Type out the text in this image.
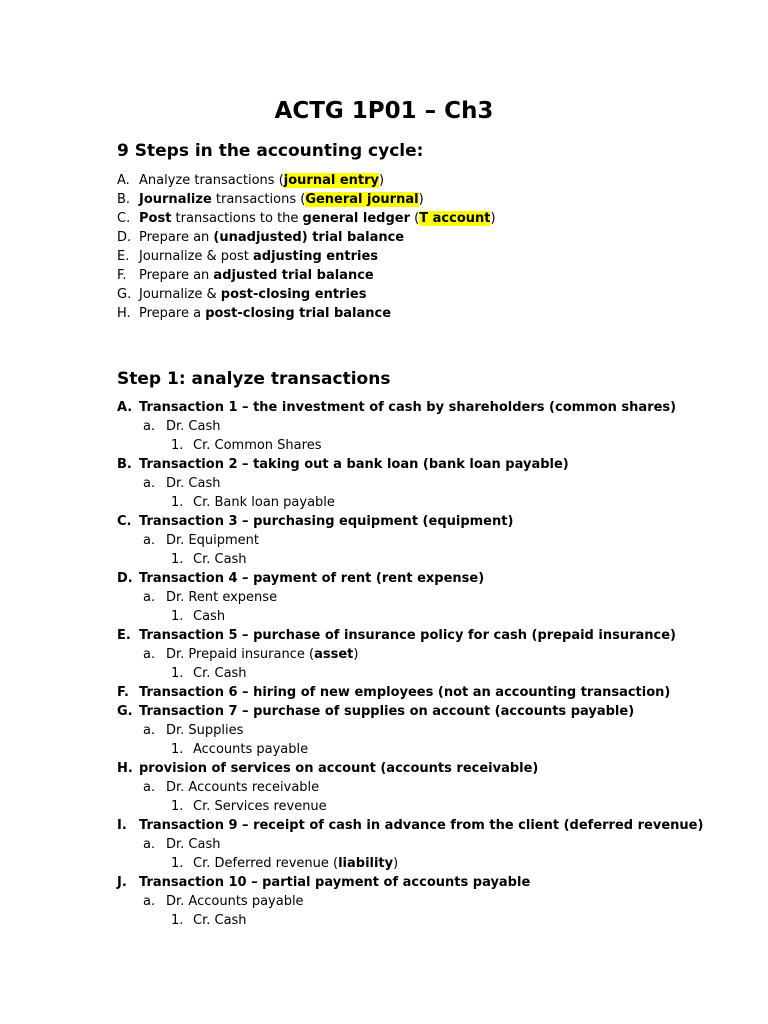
ACTG 1P01 – Ch3
9 Steps in the accounting cycle:
A. Analyze transactions (journal entry)
B. Journalize transactions (General journal)
C. Post transactions to the general ledger (T account)
D. Prepare an (unadjusted) trial balance
E. Journalize & post adjusting entries
F. Prepare an adjusted trial balance
G. Journalize & post-closing entries
H. Prepare a post-closing trial balance
Step 1: analyze transactions
A. Transaction 1 – the investment of cash by shareholders (common shares)
a. Dr. Cash
1. Cr. Common Shares
B. Transaction 2 – taking out a bank loan (bank loan payable)
a. Dr. Cash
1. Cr. Bank loan payable
C. Transaction 3 – purchasing equipment (equipment)
a. Dr. Equipment
1. Cr. Cash
D. Transaction 4 – payment of rent (rent expense)
a. Dr. Rent expense
1. Cash
E. Transaction 5 – purchase of insurance policy for cash (prepaid insurance)
a. Dr. Prepaid insurance (asset)
1. Cr. Cash
F. Transaction 6 – hiring of new employees (not an accounting transaction)
G. Transaction 7 – purchase of supplies on account (accounts payable)
a. Dr. Supplies
1. Accounts payable
H. provision of services on account (accounts receivable)
a. Dr. Accounts receivable
1. Cr. Services revenue
I. Transaction 9 – receipt of cash in advance from the client (deferred revenue)
a. Dr. Cash
1. Cr. Deferred revenue (liability)
J. Transaction 10 – partial payment of accounts payable
a. Dr. Accounts payable
1. Cr. Cash
